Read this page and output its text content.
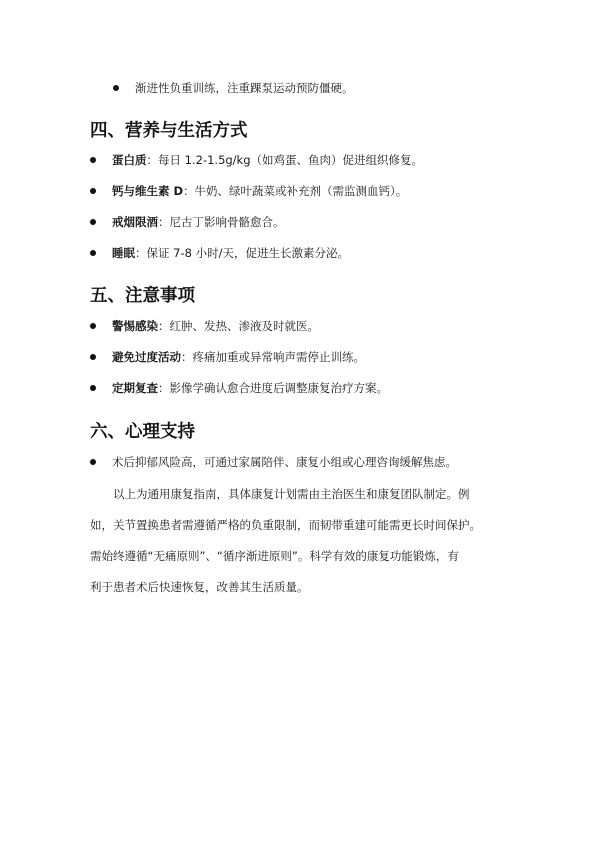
渐进性负重训练，注重踝泵运动预防僵硬。
四、营养与生活方式
蛋白质：每日 1.2-1.5g/kg（如鸡蛋、鱼肉）促进组织修复。
钙与维生素 D：牛奶、绿叶蔬菜或补充剂（需监测血钙）。
戒烟限酒：尼古丁影响骨骼愈合。
睡眠：保证 7-8 小时/天，促进生长激素分泌。
五、注意事项
警惕感染：红肿、发热、渗液及时就医。
避免过度活动：疼痛加重或异常响声需停止训练。
定期复查：影像学确认愈合进度后调整康复治疗方案。
六、心理支持
术后抑郁风险高，可通过家属陪伴、康复小组或心理咨询缓解焦虑。
以上为通用康复指南，具体康复计划需由主治医生和康复团队制定。例
如，关节置换患者需遵循严格的负重限制，而韧带重建可能需更长时间保护。
需始终遵循“无痛原则”、“循序渐进原则”。科学有效的康复功能锻炼，有
利于患者术后快速恢复，改善其生活质量。
